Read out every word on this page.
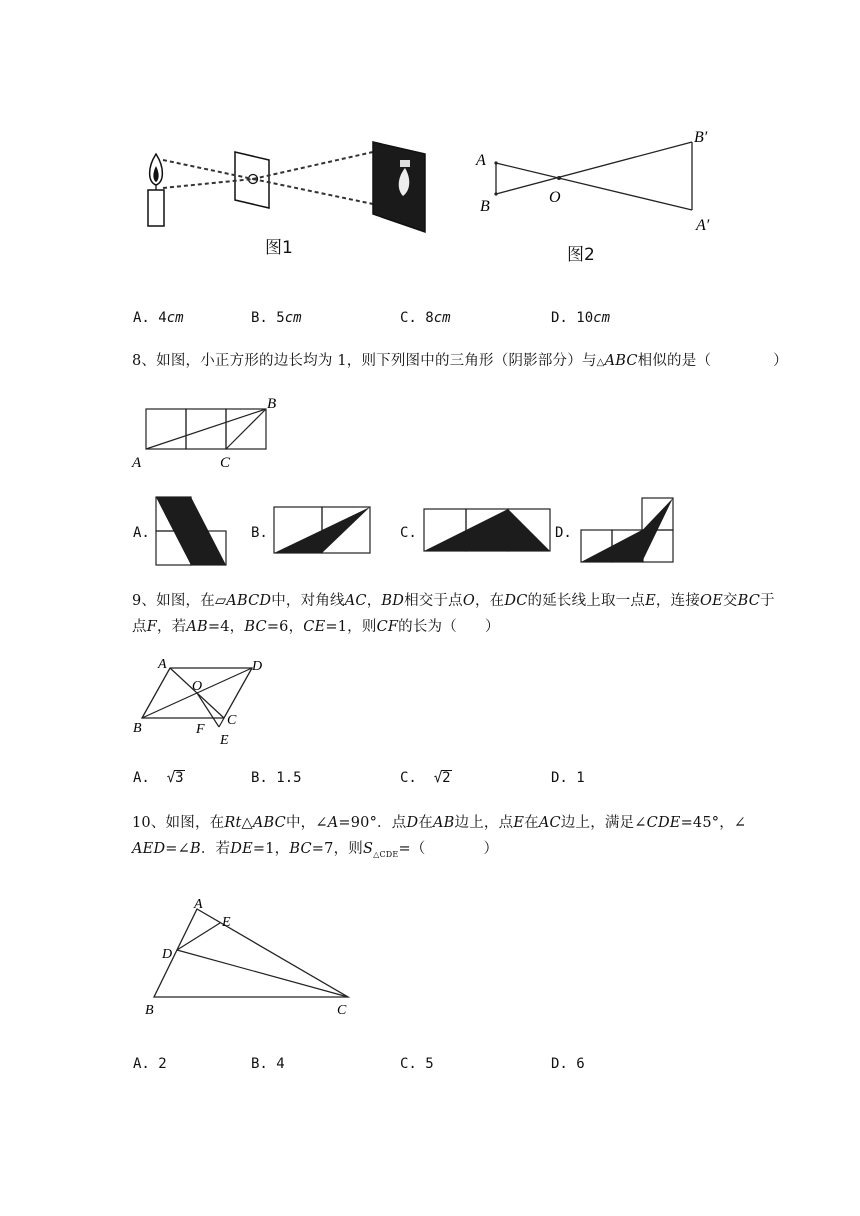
图1
A
B
O
B′
A′
图2
A. 4cm	B. 5cm	C. 8cm	D. 10cm
8、如图，小正方形的边长均为 1，则下列图中的三角形（阴影部分）与△ABC相似的是（	）
A	C
B
A.	B.	C.	D.
9、如图，在▱ABCD中，对角线AC，BD相交于点O，在DC的延长线上取一点E，连接OE交BC于
点F，若AB=4，BC=6，CE=1，则CF的长为（ ）
A	D
O
B	F
C
E
A.  √3	B. 1.5	C.  √2	D. 1
10、如图，在Rt△ABC中，∠A=90°．点D在AB边上，点E在AC边上，满足∠CDE=45°，∠
AED=∠B．若DE=1，BC=7，则$S_{\triangle CDE}=$（	）
A
E
D
B	C
A. 2	B. 4	C. 5	D. 6
